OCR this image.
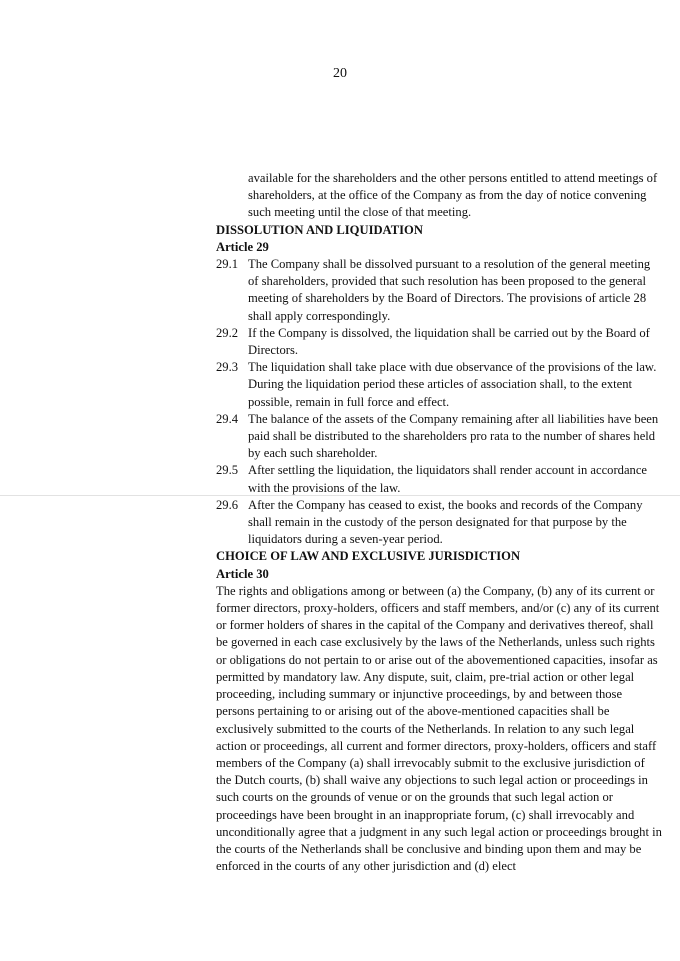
20
available for the shareholders and the other persons entitled to attend meetings of shareholders, at the office of the Company as from the day of notice convening such meeting until the close of that meeting.
DISSOLUTION AND LIQUIDATION
Article 29
29.1 The Company shall be dissolved pursuant to a resolution of the general meeting of shareholders, provided that such resolution has been proposed to the general meeting of shareholders by the Board of Directors. The provisions of article 28 shall apply correspondingly.
29.2 If the Company is dissolved, the liquidation shall be carried out by the Board of Directors.
29.3 The liquidation shall take place with due observance of the provisions of the law. During the liquidation period these articles of association shall, to the extent possible, remain in full force and effect.
29.4 The balance of the assets of the Company remaining after all liabilities have been paid shall be distributed to the shareholders pro rata to the number of shares held by each such shareholder.
29.5 After settling the liquidation, the liquidators shall render account in accordance with the provisions of the law.
29.6 After the Company has ceased to exist, the books and records of the Company shall remain in the custody of the person designated for that purpose by the liquidators during a seven-year period.
CHOICE OF LAW AND EXCLUSIVE JURISDICTION
Article 30
The rights and obligations among or between (a) the Company, (b) any of its current or former directors, proxy-holders, officers and staff members, and/or (c) any of its current or former holders of shares in the capital of the Company and derivatives thereof, shall be governed in each case exclusively by the laws of the Netherlands, unless such rights or obligations do not pertain to or arise out of the abovementioned capacities, insofar as permitted by mandatory law. Any dispute, suit, claim, pre-trial action or other legal proceeding, including summary or injunctive proceedings, by and between those persons pertaining to or arising out of the above-mentioned capacities shall be exclusively submitted to the courts of the Netherlands. In relation to any such legal action or proceedings, all current and former directors, proxy-holders, officers and staff members of the Company (a) shall irrevocably submit to the exclusive jurisdiction of the Dutch courts, (b) shall waive any objections to such legal action or proceedings in such courts on the grounds of venue or on the grounds that such legal action or proceedings have been brought in an inappropriate forum, (c) shall irrevocably and unconditionally agree that a judgment in any such legal action or proceedings brought in the courts of the Netherlands shall be conclusive and binding upon them and may be enforced in the courts of any other jurisdiction and (d) elect
